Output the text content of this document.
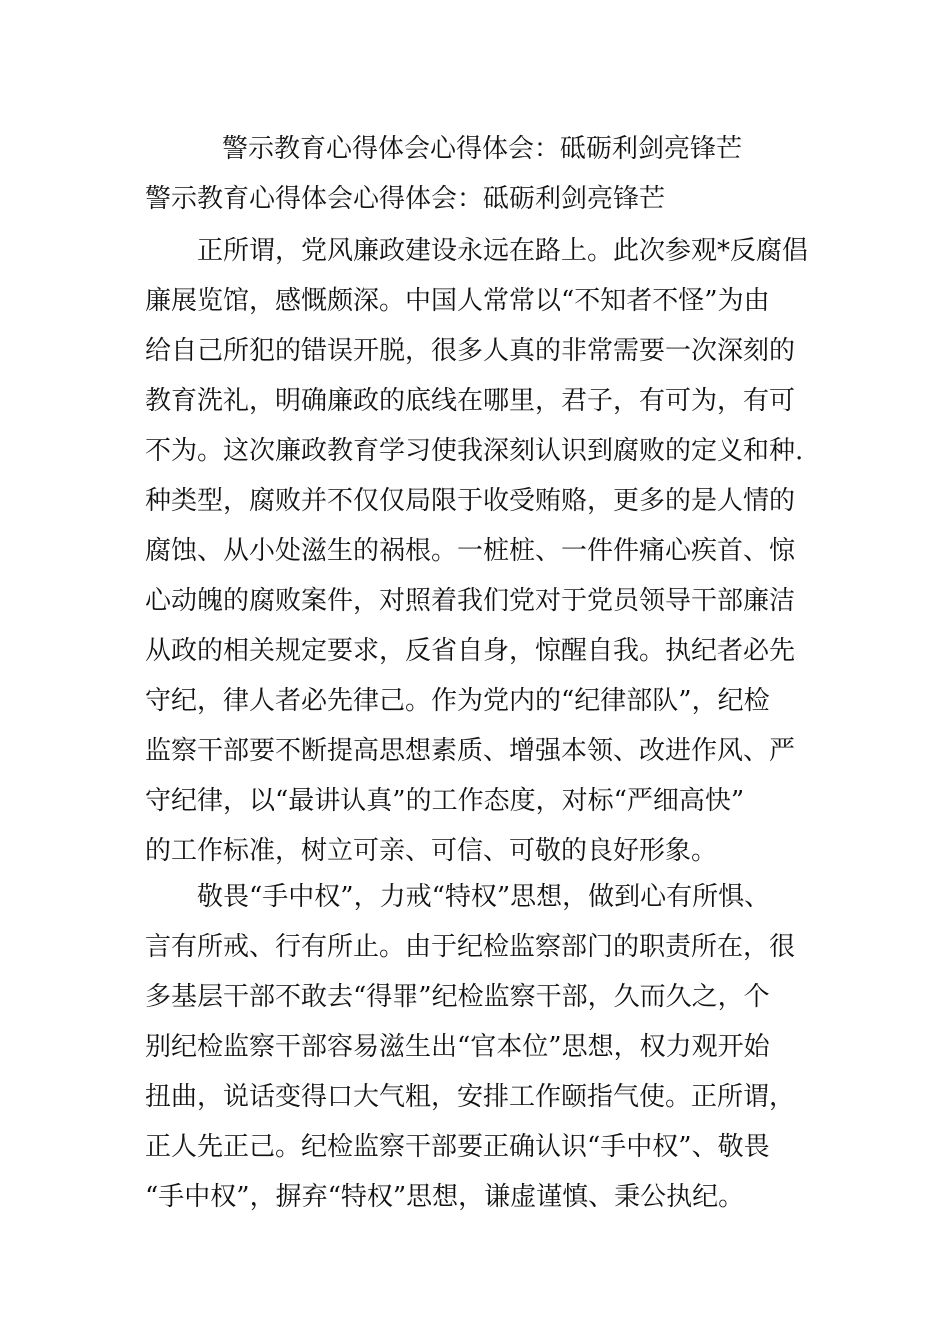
警示教育心得体会心得体会：砥砺利剑亮锋芒
警示教育心得体会心得体会：砥砺利剑亮锋芒
　　正所谓，党风廉政建设永远在路上。此次参观*反腐倡
廉展览馆，感慨颇深。中国人常常以“不知者不怪”为由
给自己所犯的错误开脱，很多人真的非常需要一次深刻的
教育洗礼，明确廉政的底线在哪里，君子，有可为，有可
不为。这次廉政教育学习使我深刻认识到腐败的定义和种.
种类型，腐败并不仅仅局限于收受贿赂，更多的是人情的
腐蚀、从小处滋生的祸根。一桩桩、一件件痛心疾首、惊
心动魄的腐败案件，对照着我们党对于党员领导干部廉洁
从政的相关规定要求，反省自身，惊醒自我。执纪者必先
守纪，律人者必先律己。作为党内的“纪律部队”，纪检
监察干部要不断提高思想素质、增强本领、改进作风、严
守纪律，以“最讲认真”的工作态度，对标“严细高快”
的工作标准，树立可亲、可信、可敬的良好形象。
　　敬畏“手中权”，力戒“特权”思想，做到心有所惧、
言有所戒、行有所止。由于纪检监察部门的职责所在，很
多基层干部不敢去“得罪”纪检监察干部，久而久之，个
别纪检监察干部容易滋生出“官本位”思想，权力观开始
扭曲，说话变得口大气粗，安排工作颐指气使。正所谓，
正人先正己。纪检监察干部要正确认识“手中权”、敬畏
“手中权”，摒弃“特权”思想，谦虚谨慎、秉公执纪。
